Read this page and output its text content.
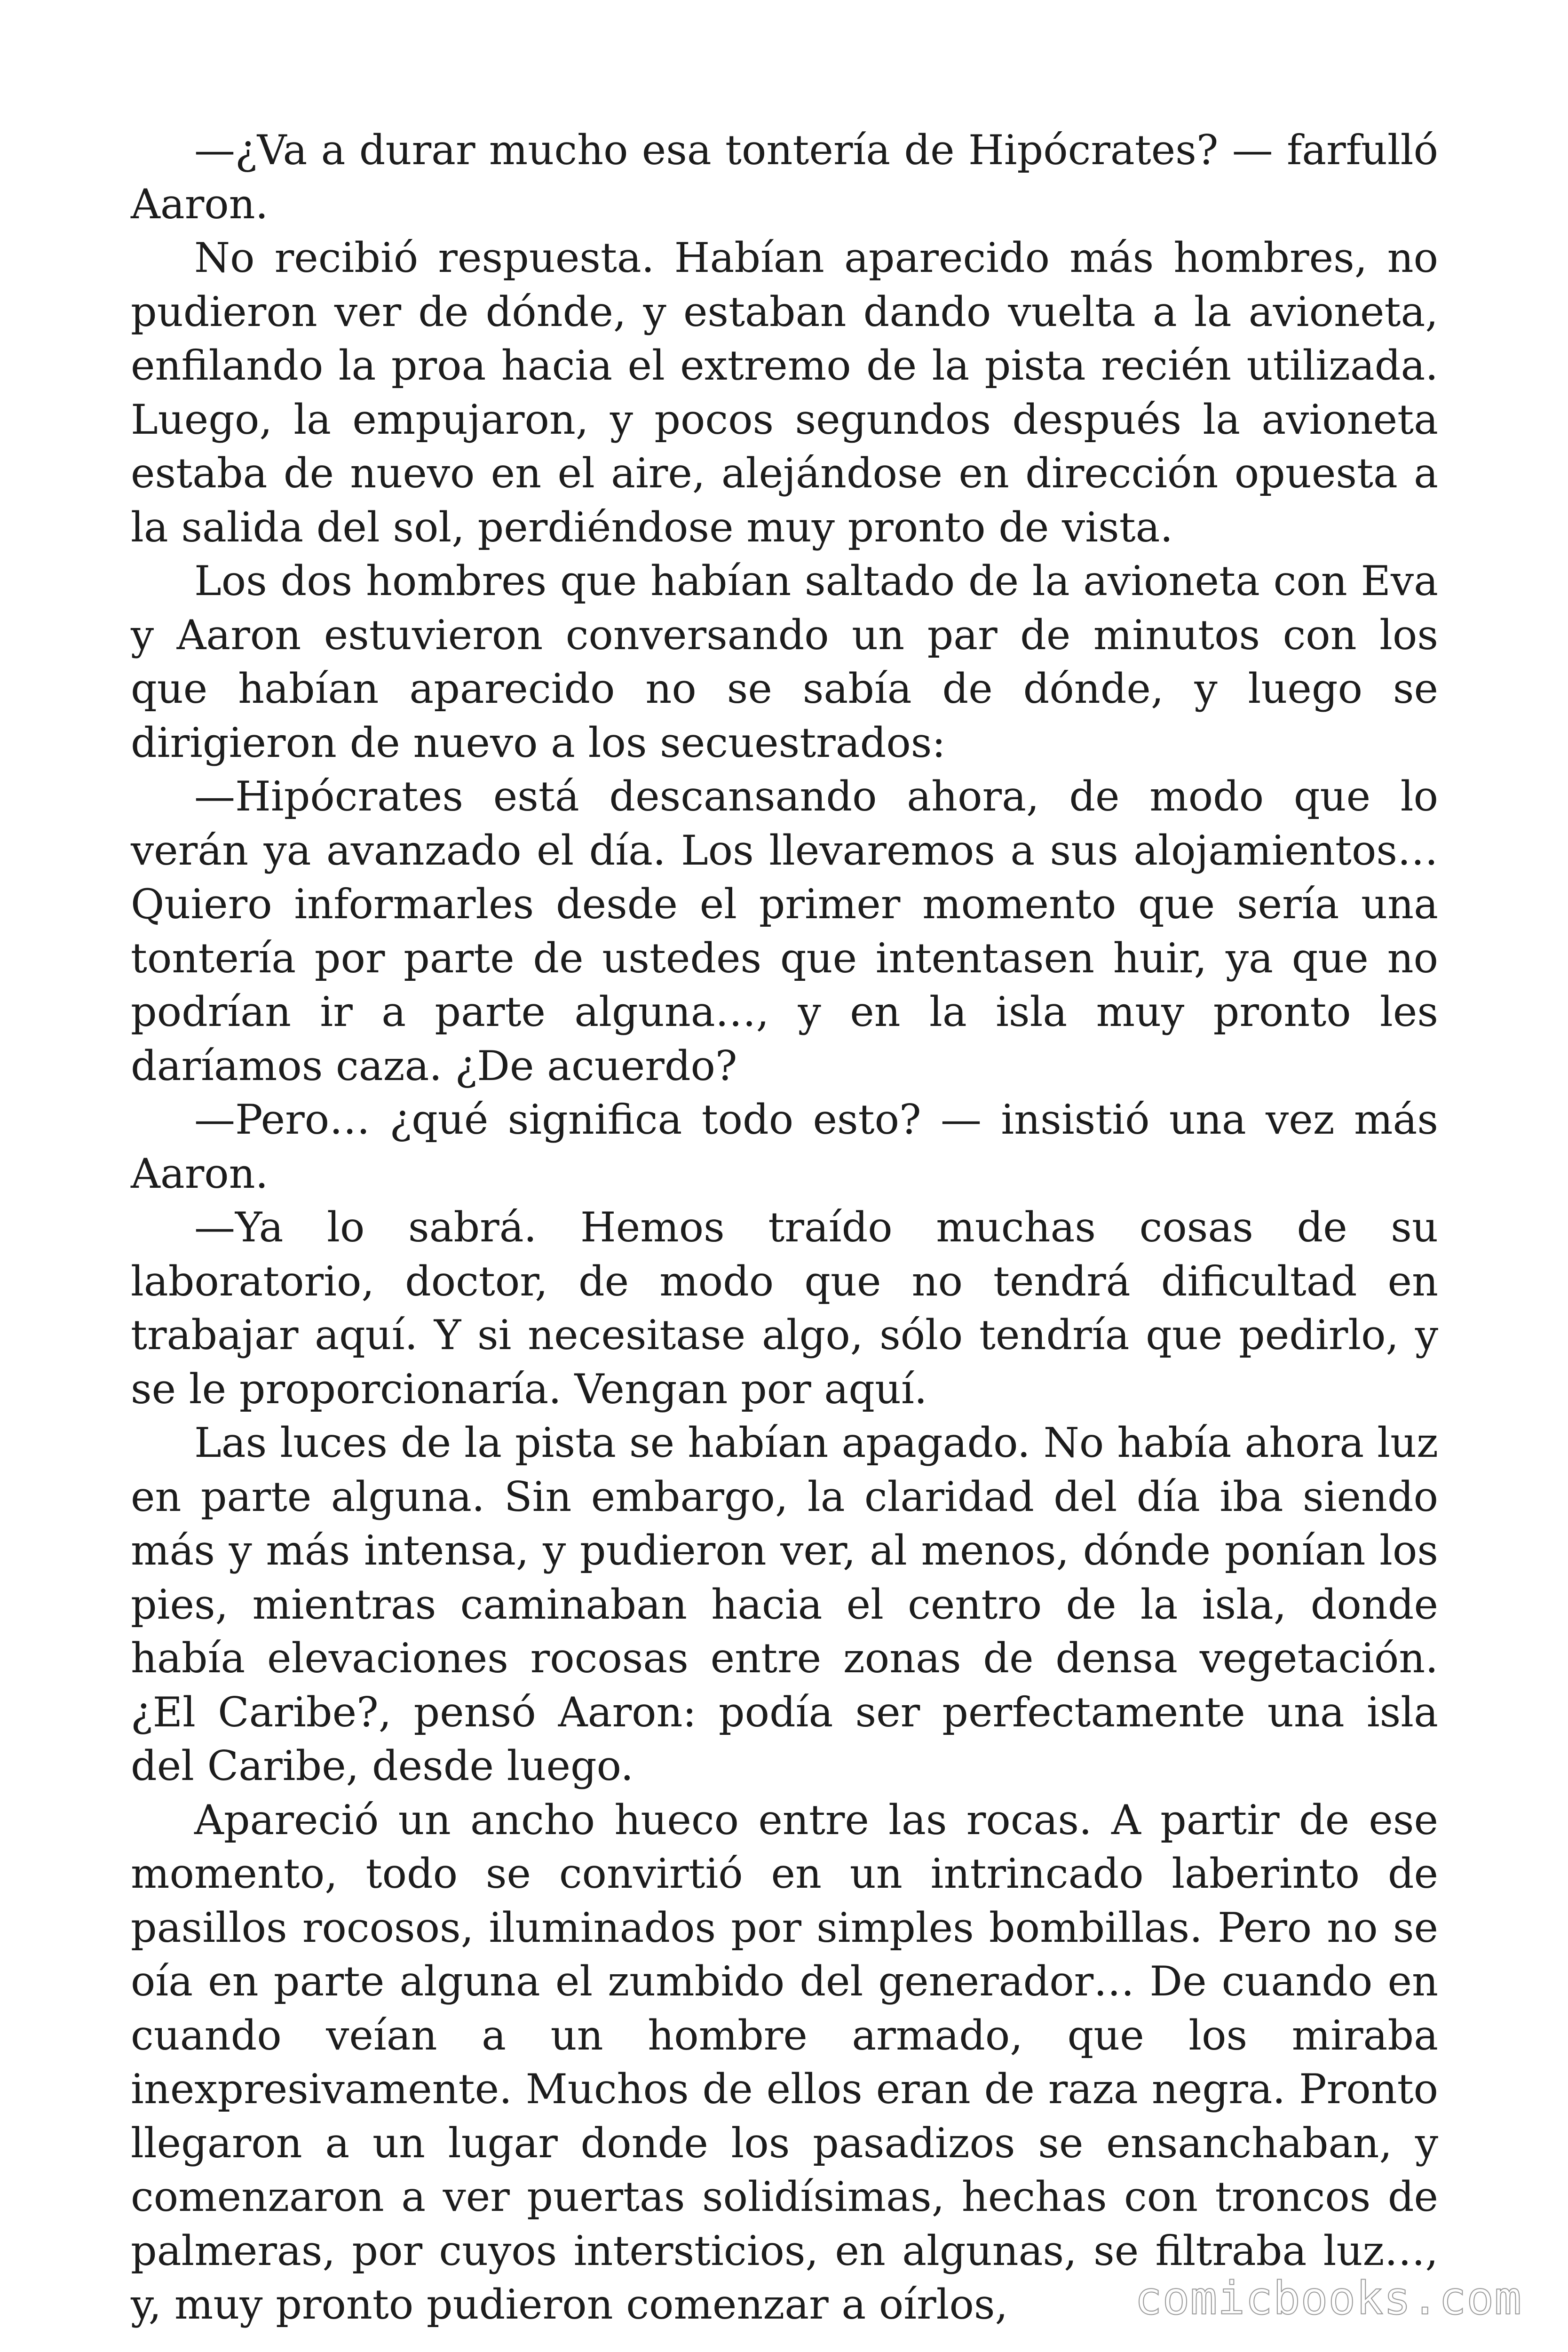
—¿Va a durar mucho esa tontería de Hipócrates? — farfulló Aaron.

No recibió respuesta. Habían aparecido más hombres, no pudieron ver de dónde, y estaban dando vuelta a la avioneta, enfilando la proa hacia el extremo de la pista recién utilizada. Luego, la empujaron, y pocos segundos después la avioneta estaba de nuevo en el aire, alejándose en dirección opuesta a la salida del sol, perdiéndose muy pronto de vista.

Los dos hombres que habían saltado de la avioneta con Eva y Aaron estuvieron conversando un par de minutos con los que habían aparecido no se sabía de dónde, y luego se dirigieron de nuevo a los secuestrados:

—Hipócrates está descansando ahora, de modo que lo verán ya avanzado el día. Los llevaremos a sus alojamientos… Quiero informarles desde el primer momento que sería una tontería por parte de ustedes que intentasen huir, ya que no podrían ir a parte alguna…, y en la isla muy pronto les daríamos caza. ¿De acuerdo?

—Pero… ¿qué significa todo esto? — insistió una vez más Aaron.

—Ya lo sabrá. Hemos traído muchas cosas de su laboratorio, doctor, de modo que no tendrá dificultad en trabajar aquí. Y si necesitase algo, sólo tendría que pedirlo, y se le proporcionaría. Vengan por aquí.

Las luces de la pista se habían apagado. No había ahora luz en parte alguna. Sin embargo, la claridad del día iba siendo más y más intensa, y pudieron ver, al menos, dónde ponían los pies, mientras caminaban hacia el centro de la isla, donde había elevaciones rocosas entre zonas de densa vegetación. ¿El Caribe?, pensó Aaron: podía ser perfectamente una isla del Caribe, desde luego.

Apareció un ancho hueco entre las rocas. A partir de ese momento, todo se convirtió en un intrincado laberinto de pasillos rocosos, iluminados por simples bombillas. Pero no se oía en parte alguna el zumbido del generador… De cuando en cuando veían a un hombre armado, que los miraba inexpresivamente. Muchos de ellos eran de raza negra. Pronto llegaron a un lugar donde los pasadizos se ensanchaban, y comenzaron a ver puertas solidísimas, hechas con troncos de palmeras, por cuyos intersticios, en algunas, se filtraba luz…, y, muy pronto pudieron comenzar a oírlos,	comicbooks.com
